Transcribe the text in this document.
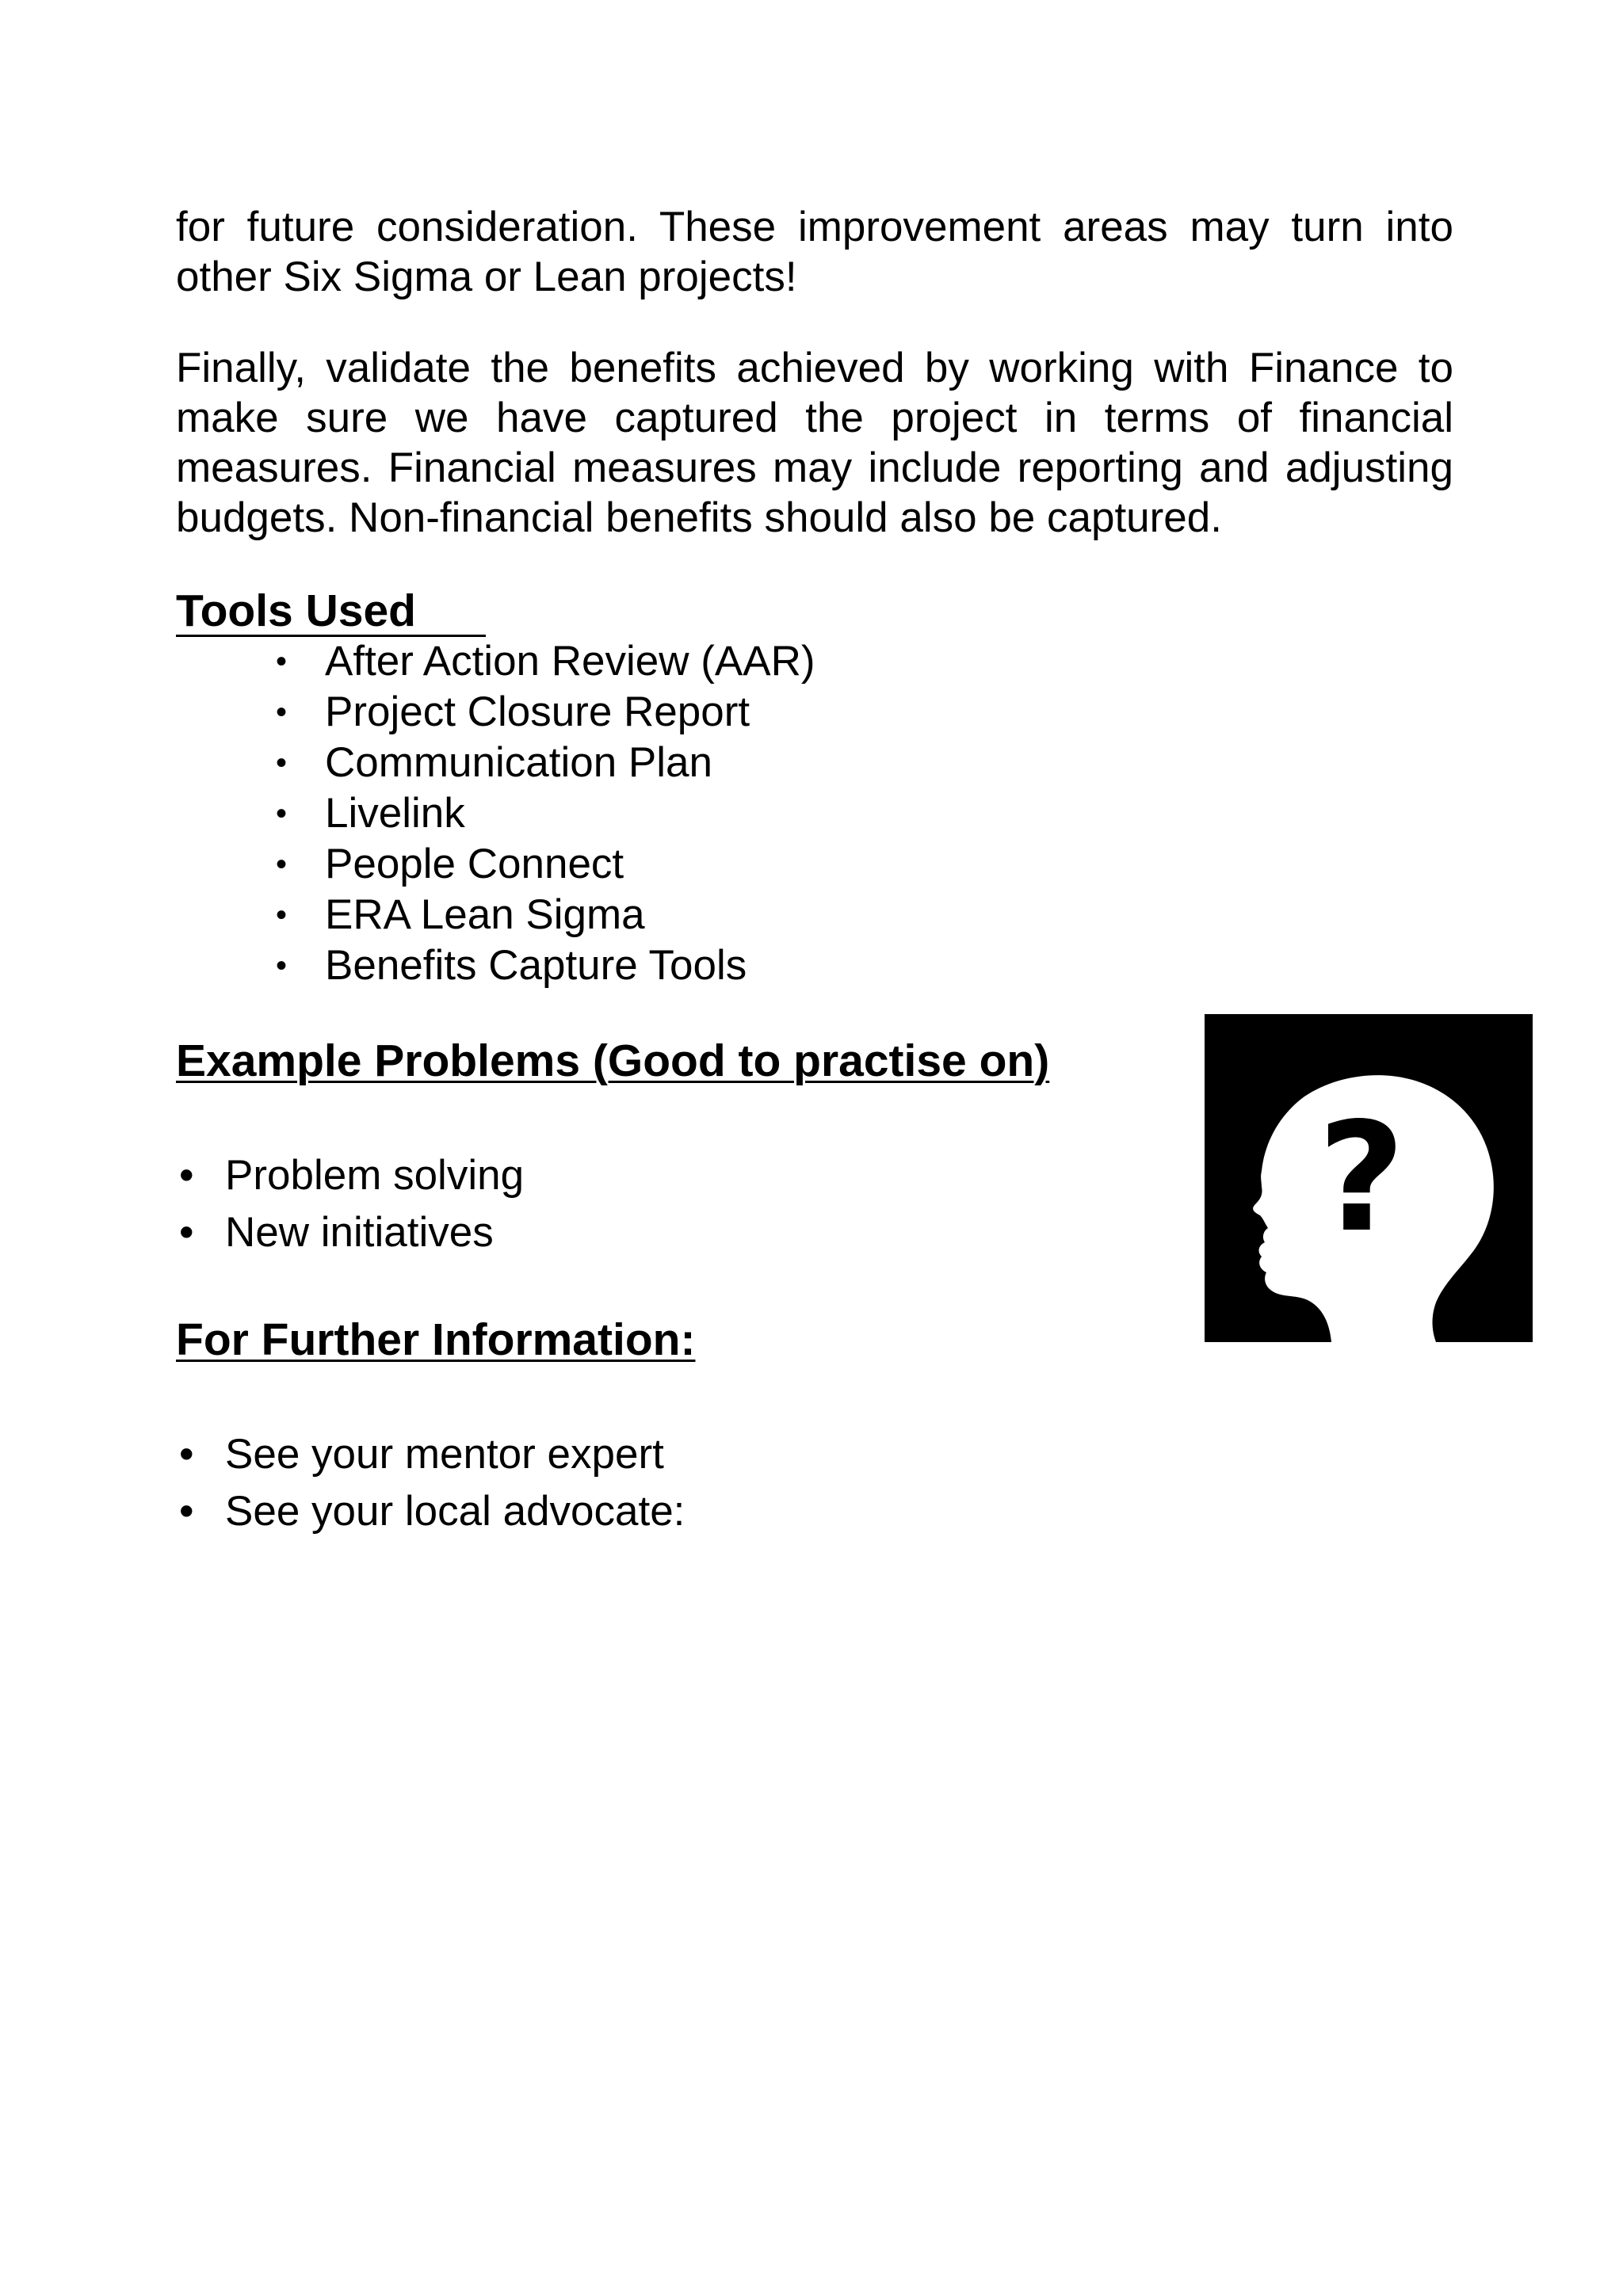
for future consideration. These improvement areas may turn into other Six Sigma or Lean projects!

Finally, validate the benefits achieved by working with Finance to make sure we have captured the project in terms of financial measures. Financial measures may include reporting and adjusting budgets. Non-financial benefits should also be captured.

Tools Used
• After Action Review (AAR)
• Project Closure Report
• Communication Plan
• Livelink
• People Connect
• ERA Lean Sigma
• Benefits Capture Tools
Example Problems (Good to practise on)
• Problem solving
• New initiatives
For Further Information:
• See your mentor expert
• See your local advocate:
?
